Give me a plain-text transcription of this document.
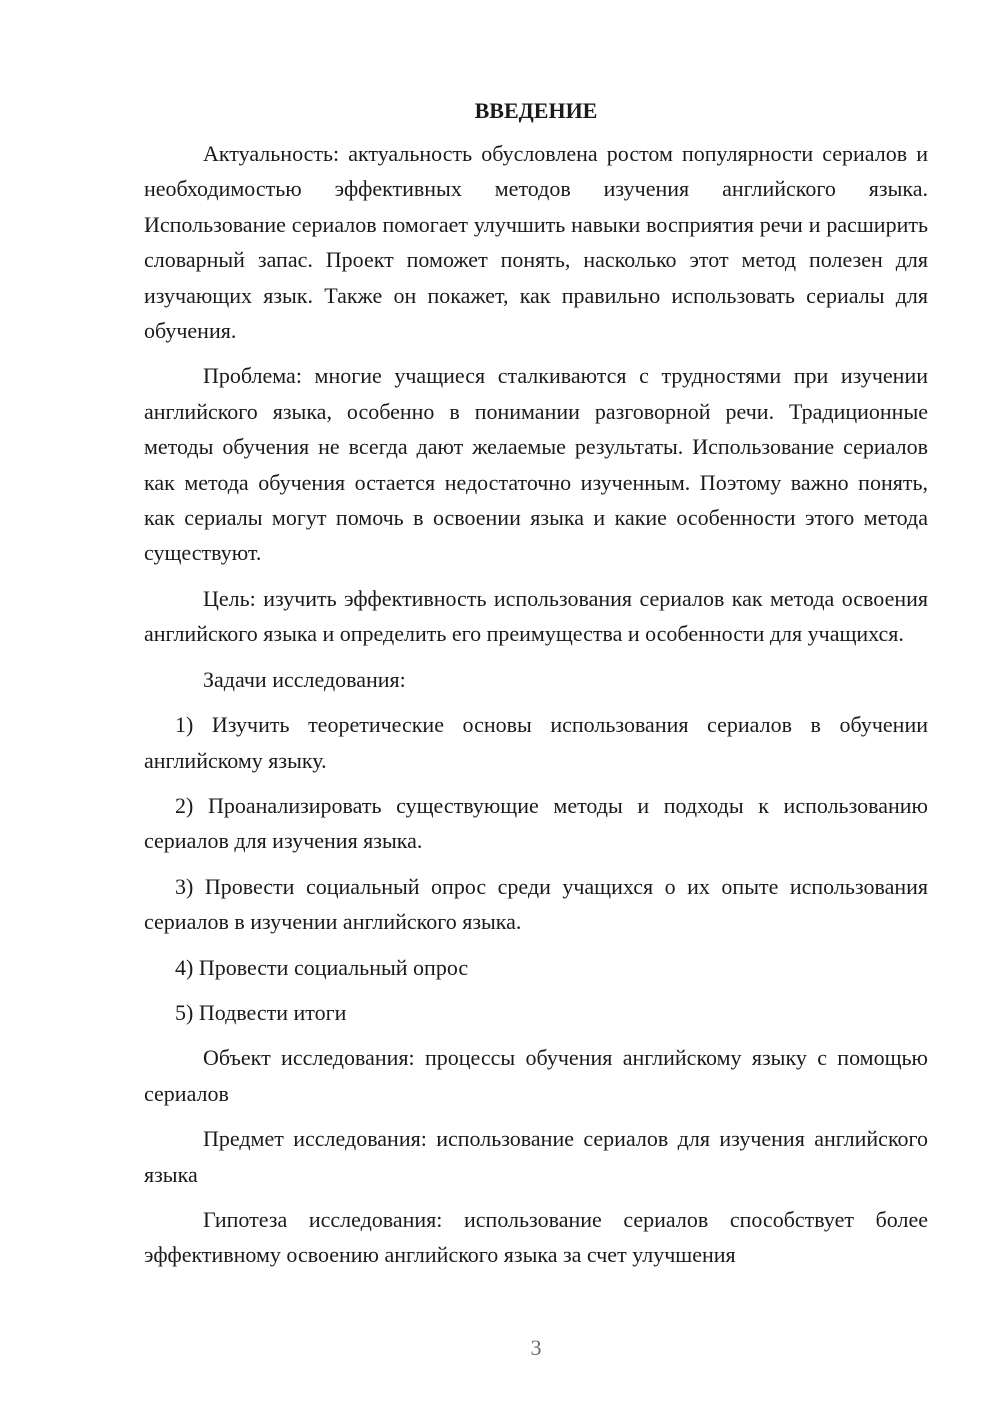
ВВЕДЕНИЕ

Актуальность: актуальность обусловлена ростом популярности сериалов и необходимостью эффективных методов изучения английского языка. Использование сериалов помогает улучшить навыки восприятия речи и расширить словарный запас. Проект поможет понять, насколько этот метод полезен для изучающих язык. Также он покажет, как правильно использовать сериалы для обучения.

Проблема: многие учащиеся сталкиваются с трудностями при изучении английского языка, особенно в понимании разговорной речи. Традиционные методы обучения не всегда дают желаемые результаты. Использование сериалов как метода обучения остается недостаточно изученным. Поэтому важно понять, как сериалы могут помочь в освоении языка и какие особенности этого метода существуют.

Цель: изучить эффективность использования сериалов как метода освоения английского языка и определить его преимущества и особенности для учащихся.

Задачи исследования:

1) Изучить теоретические основы использования сериалов в обучении английскому языку.

2) Проанализировать существующие методы и подходы к использованию сериалов для изучения языка.

3) Провести социальный опрос среди учащихся о их опыте использования сериалов в изучении английского языка.

4) Провести социальный опрос

5) Подвести итоги

Объект исследования: процессы обучения английскому языку с помощью сериалов

Предмет исследования: использование сериалов для изучения английского языка

Гипотеза исследования: использование сериалов способствует более эффективному освоению английского языка за счет улучшения

3
